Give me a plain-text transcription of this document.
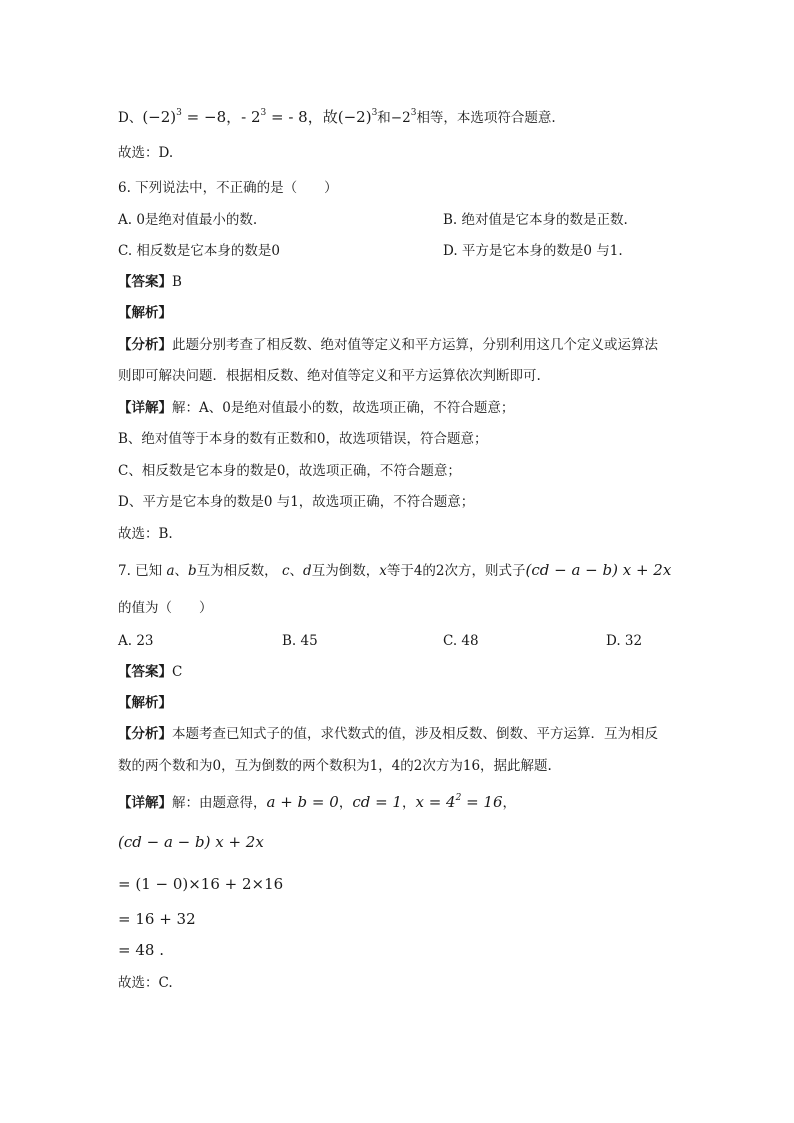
D、$(-2)^3 = -8$，- $2^3$ = - 8，故$(-2)^3$和$-2^3$相等，本选项符合题意.
故选：D.
6. 下列说法中，不正确的是（　　）
A. 0是绝对值最小的数.	B. 绝对值是它本身的数是正数.
C. 相反数是它本身的数是0	D. 平方是它本身的数是0 与1.
【答案】B
【解析】
【分析】此题分别考查了相反数、绝对值等定义和平方运算，分别利用这几个定义或运算法
则即可解决问题．根据相反数、绝对值等定义和平方运算依次判断即可.
【详解】解：A、0是绝对值最小的数，故选项正确，不符合题意；
B、绝对值等于本身的数有正数和0，故选项错误，符合题意；
C、相反数是它本身的数是0，故选项正确，不符合题意；
D、平方是它本身的数是0 与1，故选项正确，不符合题意；
故选：B.
7. 已知 a、b互为相反数， c、d互为倒数，x等于4的2次方，则式子(cd − a − b) x + 2x
的值为（　　）
A. 23	B. 45	C. 48	D. 32
【答案】C
【解析】
【分析】本题考查已知式子的值，求代数式的值，涉及相反数、倒数、平方运算．互为相反
数的两个数和为0，互为倒数的两个数积为1，4的2次方为16，据此解题.
【详解】解：由题意得，a + b = 0，cd = 1，$x = 4^2 = 16$，
(cd − a − b) x + 2x
= (1 − 0)×16 + 2×16
= 16 + 32
= 48 .
故选：C.
